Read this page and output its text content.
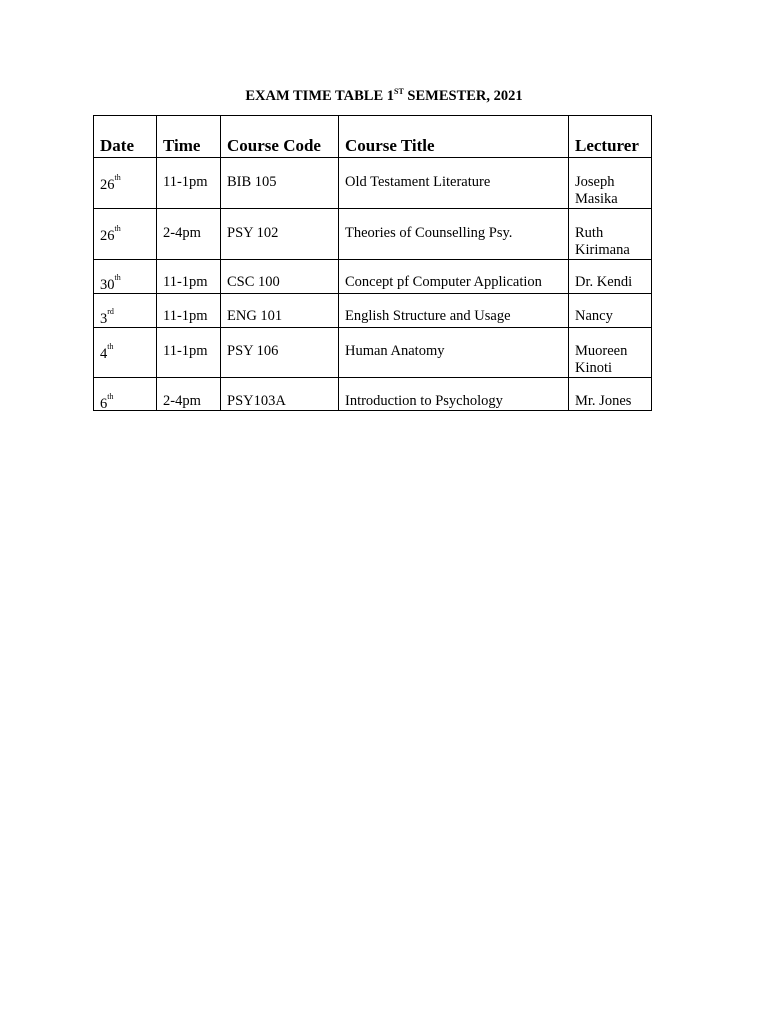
EXAM TIME TABLE 1ST SEMESTER, 2021
Date	Time	Course Code	Course Title	Lecturer
26th	11-1pm	BIB 105	Old Testament Literature	Joseph Masika
26th	2-4pm	PSY 102	Theories of Counselling Psy.	Ruth Kirimana
30th	11-1pm	CSC 100	Concept pf Computer Application	Dr. Kendi
3rd	11-1pm	ENG 101	English Structure and Usage	Nancy
4th	11-1pm	PSY 106	Human Anatomy	Muoreen Kinoti
6th	2-4pm	PSY103A	Introduction to Psychology	Mr. Jones
